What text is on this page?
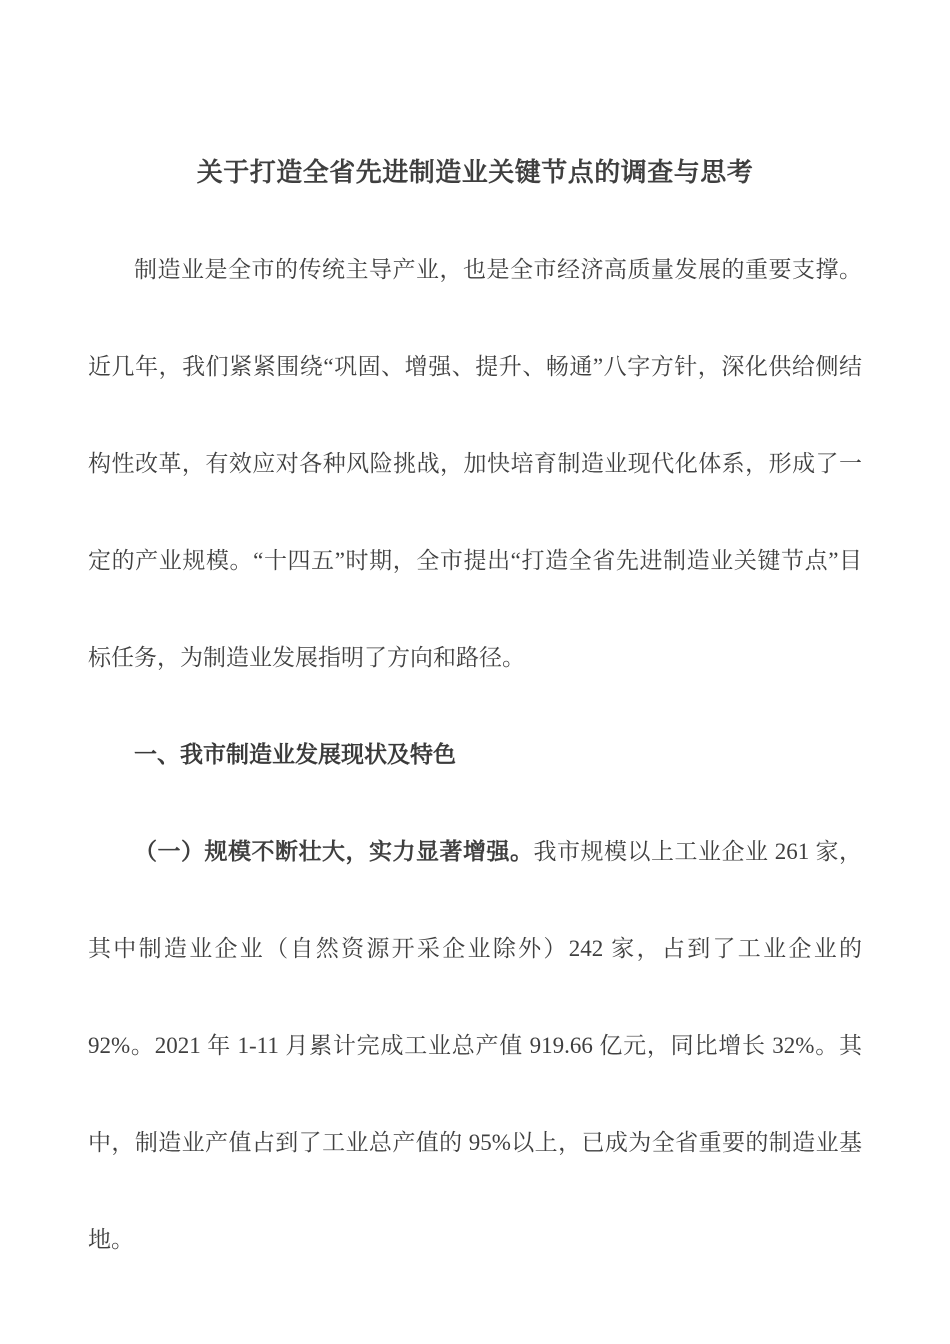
关于打造全省先进制造业关键节点的调查与思考

制造业是全市的传统主导产业，也是全市经济高质量发展的重要支撑。近几年，我们紧紧围绕“巩固、增强、提升、畅通”八字方针，深化供给侧结构性改革，有效应对各种风险挑战，加快培育制造业现代化体系，形成了一定的产业规模。“十四五”时期，全市提出“打造全省先进制造业关键节点”目标任务，为制造业发展指明了方向和路径。

一、我市制造业发展现状及特色

（一）规模不断壮大，实力显著增强。我市规模以上工业企业 261 家，其中制造业企业（自然资源开采企业除外）242 家，占到了工业企业的 92%。2021 年 1-11 月累计完成工业总产值 919.66 亿元，同比增长 32%。其中，制造业产值占到了工业总产值的 95%以上，已成为全省重要的制造业基地。
